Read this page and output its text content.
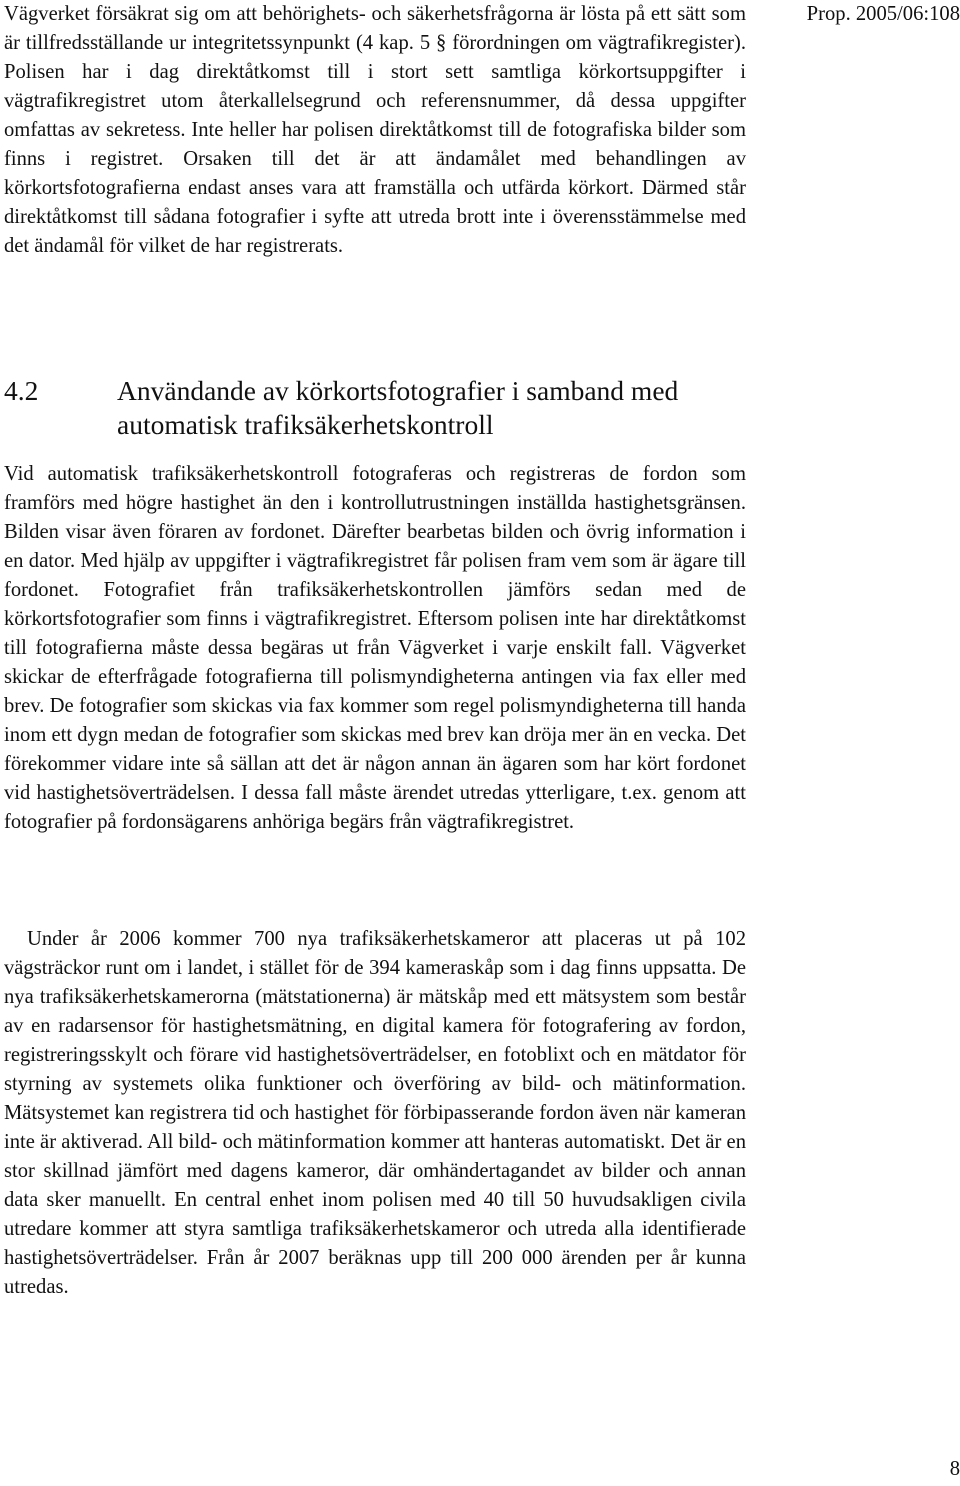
Vägverket försäkrat sig om att behörighets- och säkerhetsfrågorna är lösta på ett sätt som är tillfredsställande ur integritetssynpunkt (4 kap. 5 § förordningen om vägtrafikregister). Polisen har i dag direktåtkomst till i stort sett samtliga körkortsuppgifter i vägtrafikregistret utom återkallelsegrund och referensnummer, då dessa uppgifter omfattas av sekretess. Inte heller har polisen direktåtkomst till de fotografiska bilder som finns i registret. Orsaken till det är att ändamålet med behandlingen av körkortsfotografierna endast anses vara att framställa och utfärda körkort. Därmed står direktåtkomst till sådana fotografier i syfte att utreda brott inte i överensstämmelse med det ändamål för vilket de har registrerats.

Prop. 2005/06:108
4.2	Användande av körkortsfotografier i samband med automatisk trafiksäkerhetskontroll

Vid automatisk trafiksäkerhetskontroll fotograferas och registreras de fordon som framförs med högre hastighet än den i kontrollutrustningen inställda hastighetsgränsen. Bilden visar även föraren av fordonet. Därefter bearbetas bilden och övrig information i en dator. Med hjälp av uppgifter i vägtrafikregistret får polisen fram vem som är ägare till fordonet. Fotografiet från trafiksäkerhetskontrollen jämförs sedan med de körkortsfotografier som finns i vägtrafikregistret. Eftersom polisen inte har direktåtkomst till fotografierna måste dessa begäras ut från Vägverket i varje enskilt fall. Vägverket skickar de efterfrågade fotografierna till polismyndigheterna antingen via fax eller med brev. De fotografier som skickas via fax kommer som regel polismyndigheterna till handa inom ett dygn medan de fotografier som skickas med brev kan dröja mer än en vecka. Det förekommer vidare inte så sällan att det är någon annan än ägaren som har kört fordonet vid hastighetsöverträdelsen. I dessa fall måste ärendet utredas ytterligare, t.ex. genom att fotografier på fordonsägarens anhöriga begärs från vägtrafikregistret.

Under år 2006 kommer 700 nya trafiksäkerhetskameror att placeras ut på 102 vägsträckor runt om i landet, i stället för de 394 kameraskåp som i dag finns uppsatta. De nya trafiksäkerhetskamerorna (mätstationerna) är mätskåp med ett mätsystem som består av en radarsensor för hastighetsmätning, en digital kamera för fotografering av fordon, registreringsskylt och förare vid hastighetsöverträdelser, en fotoblixt och en mätdator för styrning av systemets olika funktioner och överföring av bild- och mätinformation. Mätsystemet kan registrera tid och hastighet för förbipasserande fordon även när kameran inte är aktiverad. All bild- och mätinformation kommer att hanteras automatiskt. Det är en stor skillnad jämfört med dagens kameror, där omhändertagandet av bilder och annan data sker manuellt. En central enhet inom polisen med 40 till 50 huvudsakligen civila utredare kommer att styra samtliga trafiksäkerhetskameror och utreda alla identifierade hastighetsöverträdelser. Från år 2007 beräknas upp till 200 000 ärenden per år kunna utredas.

8
